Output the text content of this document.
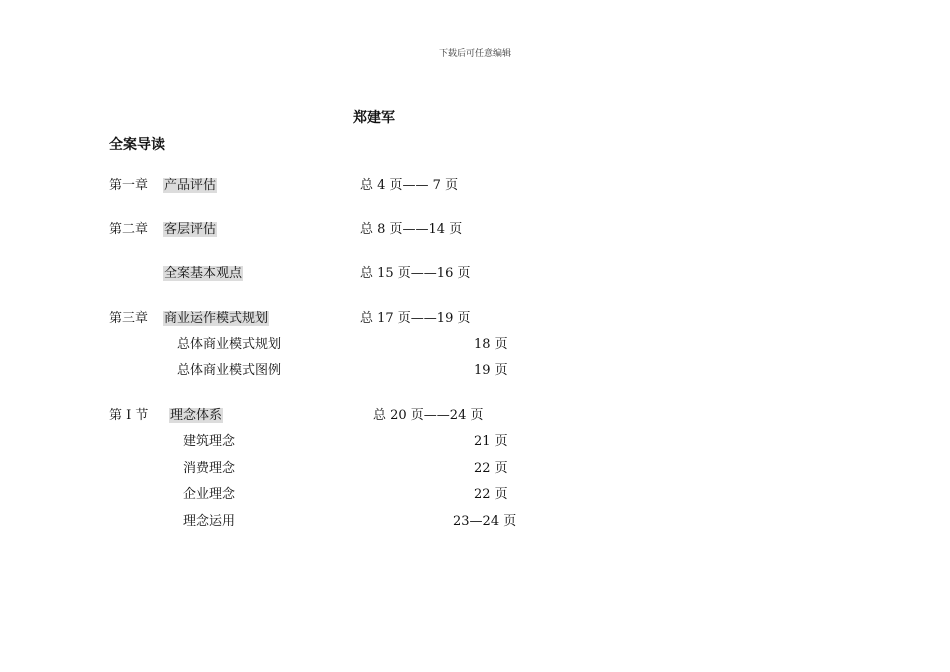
下载后可任意编辑
郑建军
全案导读
第一章 产品评估	总 4 页—— 7 页
第二章 客层评估	总 8 页——14 页
全案基本观点	总 15 页——16 页
第三章 商业运作模式规划	总 17 页——19 页
总体商业模式规划	18 页
总体商业模式图例	19 页
第 I 节 理念体系	总 20 页——24 页
建筑理念	21 页
消费理念	22 页
企业理念	22 页
理念运用	23—24 页
